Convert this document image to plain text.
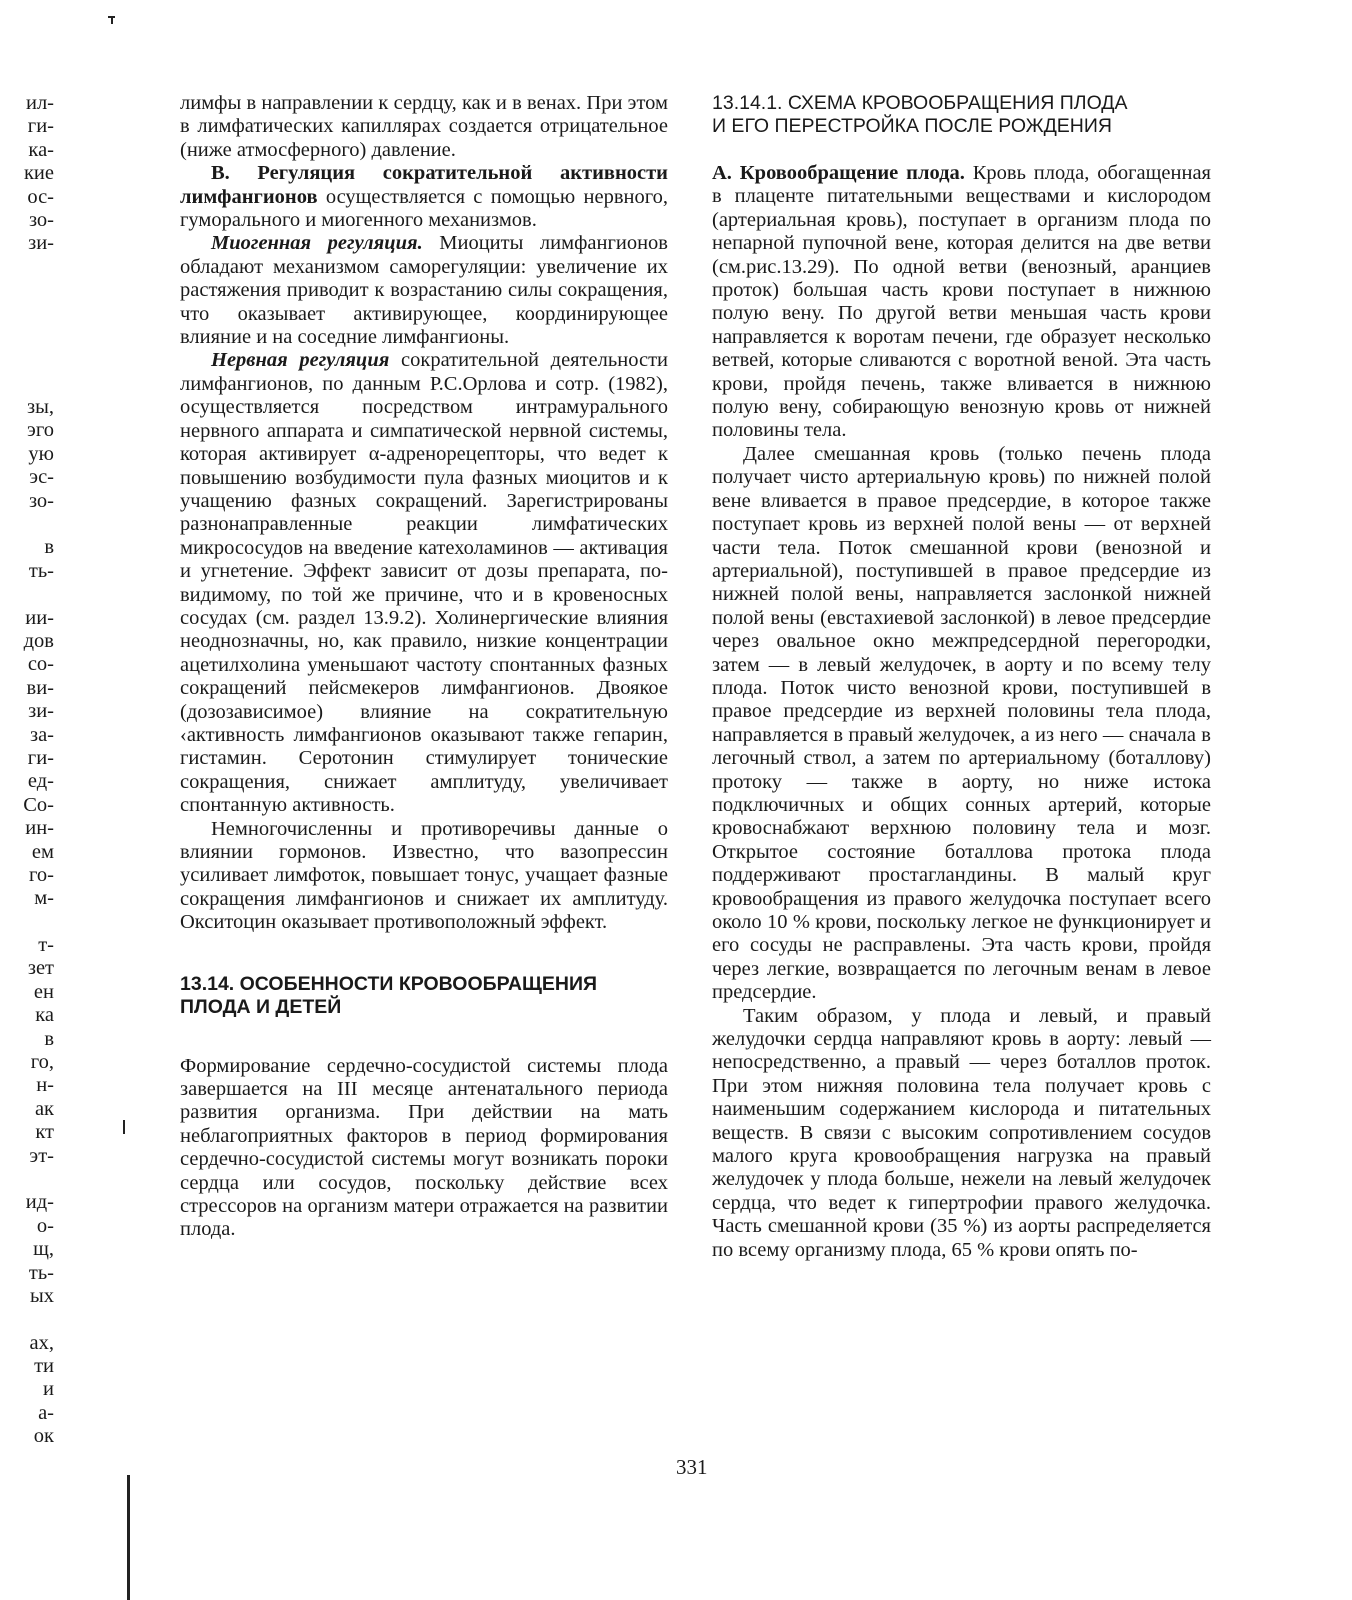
ил-
ги-
ка-
кие
ос-
зо-
зи-
зы,
эго
ую
эс-
зо-
в
ть-
ии-
дов
со-
ви-
зи-
за-
ги-
ед-
Со-
ин-
ем
го-
м-
т-
зет
ен
ка
в
го,
н-
ак
кт
эт-
ид-
о-
щ,
ть-
ых
ах,
ти
и
а-
ок

лимфы в направлении к сердцу, как и в венах. При этом в лимфатических капиллярах создается отрицательное (ниже атмосферного) давление.

В. Регуляция сократительной активности лимфангионов осуществляется с помощью нервного, гуморального и миогенного механизмов.

Миогенная регуляция. Миоциты лимфангионов обладают механизмом саморегуляции: увеличение их растяжения приводит к возрастанию силы сокращения, что оказывает активирующее, координирующее влияние и на соседние лимфангионы.

Нервная регуляция сократительной деятельности лимфангионов, по данным Р.С.Орлова и сотр. (1982), осуществляется посредством интрамурального нервного аппарата и симпатической нервной системы, которая активирует α-адренорецепторы, что ведет к повышению возбудимости пула фазных миоцитов и к учащению фазных сокращений. Зарегистрированы разнонаправленные реакции лимфатических микрососудов на введение катехоламинов — активация и угнетение. Эффект зависит от дозы препарата, по-видимому, по той же причине, что и в кровеносных сосудах (см. раздел 13.9.2). Холинергические влияния неоднозначны, но, как правило, низкие концентрации ацетилхолина уменьшают частоту спонтанных фазных сокращений пейсмекеров лимфангионов. Двоякое (дозозависимое) влияние на сократительную ‹активность лимфангионов оказывают также гепарин, гистамин. Серотонин стимулирует тонические сокращения, снижает амплитуду, увеличивает спонтанную активность.

Немногочисленны и противоречивы данные о влиянии гормонов. Известно, что вазопрессин усиливает лимфоток, повышает тонус, учащает фазные сокращения лимфангионов и снижает их амплитуду. Окситоцин оказывает противоположный эффект.

13.14. ОСОБЕННОСТИ КРОВООБРАЩЕНИЯ ПЛОДА И ДЕТЕЙ

Формирование сердечно-сосудистой системы плода завершается на III месяце антенатального периода развития организма. При действии на мать неблагоприятных факторов в период формирования сердечно-сосудистой системы могут возникать пороки сердца или сосудов, поскольку действие всех стрессоров на организм матери отражается на развитии плода.

13.14.1. СХЕМА КРОВООБРАЩЕНИЯ ПЛОДА
И ЕГО ПЕРЕСТРОЙКА ПОСЛЕ РОЖДЕНИЯ

А. Кровообращение плода. Кровь плода, обогащенная в плаценте питательными веществами и кислородом (артериальная кровь), поступает в организм плода по непарной пупочной вене, которая делится на две ветви (см.рис.13.29). По одной ветви (венозный, аранциев проток) большая часть крови поступает в нижнюю полую вену. По другой ветви меньшая часть крови направляется к воротам печени, где образует несколько ветвей, которые сливаются с воротной веной. Эта часть крови, пройдя печень, также вливается в нижнюю полую вену, собирающую венозную кровь от нижней половины тела.

Далее смешанная кровь (только печень плода получает чисто артериальную кровь) по нижней полой вене вливается в правое предсердие, в которое также поступает кровь из верхней полой вены — от верхней части тела. Поток смешанной крови (венозной и артериальной), поступившей в правое предсердие из нижней полой вены, направляется заслонкой нижней полой вены (евстахиевой заслонкой) в левое предсердие через овальное окно межпредсердной перегородки, затем — в левый желудочек, в аорту и по всему телу плода. Поток чисто венозной крови, поступившей в правое предсердие из верхней половины тела плода, направляется в правый желудочек, а из него — сначала в легочный ствол, а затем по артериальному (боталлову) протоку — также в аорту, но ниже истока подключичных и общих сонных артерий, которые кровоснабжают верхнюю половину тела и мозг. Открытое состояние боталлова протока плода поддерживают простагландины. В малый круг кровообращения из правого желудочка поступает всего около 10 % крови, поскольку легкое не функционирует и его сосуды не расправлены. Эта часть крови, пройдя через легкие, возвращается по легочным венам в левое предсердие.

Таким образом, у плода и левый, и правый желудочки сердца направляют кровь в аорту: левый — непосредственно, а правый — через боталлов проток. При этом нижняя половина тела получает кровь с наименьшим содержанием кислорода и питательных веществ. В связи с высоким сопротивлением сосудов малого круга кровообращения нагрузка на правый желудочек у плода больше, нежели на левый желудочек сердца, что ведет к гипертрофии правого желудочка. Часть смешанной крови (35 %) из аорты распределяется по всему организму плода, 65 % крови опять по-

331
